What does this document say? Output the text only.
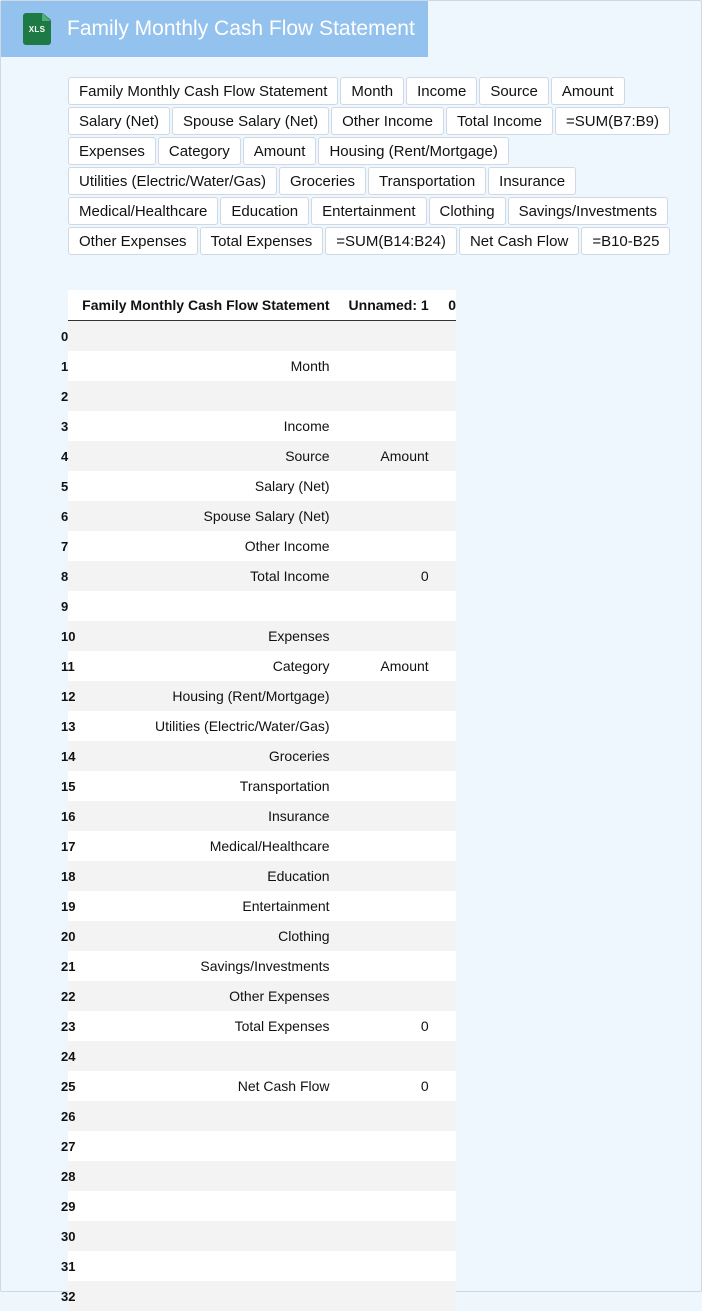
XLS Family Monthly Cash Flow Statement
Family Monthly Cash Flow Statement	Month	Income	Source	Amount
Salary (Net)	Spouse Salary (Net)	Other Income	Total Income	=SUM(B7:B9)
Expenses	Category	Amount	Housing (Rent/Mortgage)
Utilities (Electric/Water/Gas)	Groceries	Transportation	Insurance
Medical/Healthcare	Education	Entertainment	Clothing	Savings/Investments
Other Expenses	Total Expenses	=SUM(B14:B24)	Net Cash Flow	=B10-B25
	Family Monthly Cash Flow Statement	Unnamed: 1	0
0			
1	Month		
2			
3	Income		
4	Source	Amount	
5	Salary (Net)		
6	Spouse Salary (Net)		
7	Other Income		
8	Total Income	0	
9			
10	Expenses		
11	Category	Amount	
12	Housing (Rent/Mortgage)		
13	Utilities (Electric/Water/Gas)		
14	Groceries		
15	Transportation		
16	Insurance		
17	Medical/Healthcare		
18	Education		
19	Entertainment		
20	Clothing		
21	Savings/Investments		
22	Other Expenses		
23	Total Expenses	0	
24			
25	Net Cash Flow	0	
26			
27			
28			
29			
30			
31			
32			
